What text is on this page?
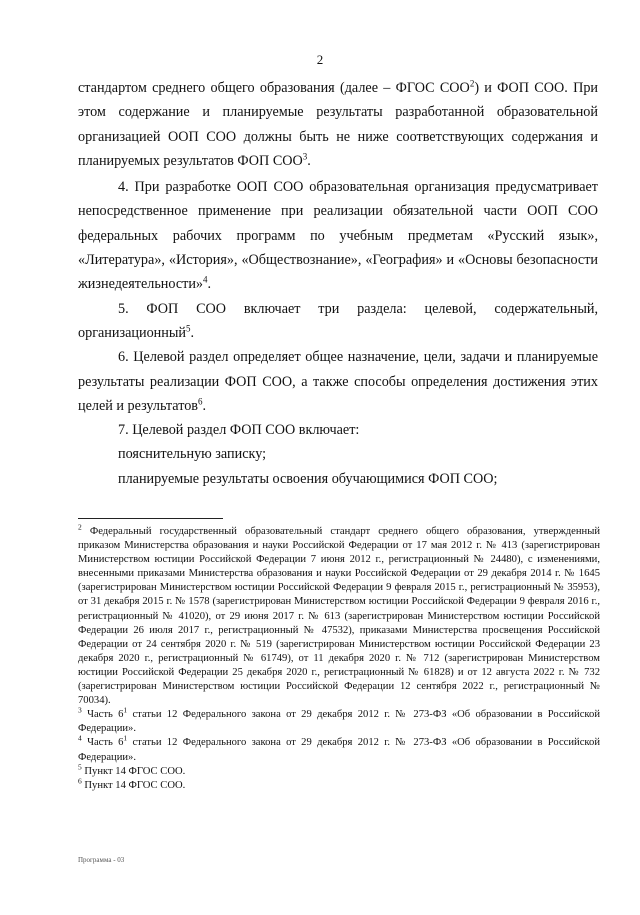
2

стандартом среднего общего образования (далее – ФГОС СОО$^2$) и ФОП СОО. При этом содержание и планируемые результаты разработанной образовательной организацией ООП СОО должны быть не ниже соответствующих содержания и планируемых результатов ФОП СОО$^3$.

4. При разработке ООП СОО образовательная организация предусматривает непосредственное применение при реализации обязательной части ООП СОО федеральных рабочих программ по учебным предметам «Русский язык», «Литература», «История», «Обществознание», «География» и «Основы безопасности жизнедеятельности»$^4$.

5. ФОП СОО включает три раздела: целевой, содержательный, организационный$^5$.

6. Целевой раздел определяет общее назначение, цели, задачи и планируемые результаты реализации ФОП СОО, а также способы определения достижения этих целей и результатов$^6$.

7. Целевой раздел ФОП СОО включает:

пояснительную записку;

планируемые результаты освоения обучающимися ФОП СОО;

$^2$ Федеральный государственный образовательный стандарт среднего общего образования, утвержденный приказом Министерства образования и науки Российской Федерации от 17 мая 2012 г. № 413 (зарегистрирован Министерством юстиции Российской Федерации 7 июня 2012 г., регистрационный № 24480), с изменениями, внесенными приказами Министерства образования и науки Российской Федерации от 29 декабря 2014 г. № 1645 (зарегистрирован Министерством юстиции Российской Федерации 9 февраля 2015 г., регистрационный № 35953), от 31 декабря 2015 г. № 1578 (зарегистрирован Министерством юстиции Российской Федерации 9 февраля 2016 г., регистрационный № 41020), от 29 июня 2017 г. № 613 (зарегистрирован Министерством юстиции Российской Федерации 26 июля 2017 г., регистрационный № 47532), приказами Министерства просвещения Российской Федерации от 24 сентября 2020 г. № 519 (зарегистрирован Министерством юстиции Российской Федерации 23 декабря 2020 г., регистрационный № 61749), от 11 декабря 2020 г. № 712 (зарегистрирован Министерством юстиции Российской Федерации 25 декабря 2020 г., регистрационный № 61828) и от 12 августа 2022 г. № 732 (зарегистрирован Министерством юстиции Российской Федерации 12 сентября 2022 г., регистрационный № 70034).

$^3$ Часть $6^1$ статьи 12 Федерального закона от 29 декабря 2012 г. № 273-ФЗ «Об образовании в Российской Федерации».

$^4$ Часть $6^1$ статьи 12 Федерального закона от 29 декабря 2012 г. № 273-ФЗ «Об образовании в Российской Федерации».

$^5$ Пункт 14 ФГОС СОО.

$^6$ Пункт 14 ФГОС СОО.

Программа - 03
